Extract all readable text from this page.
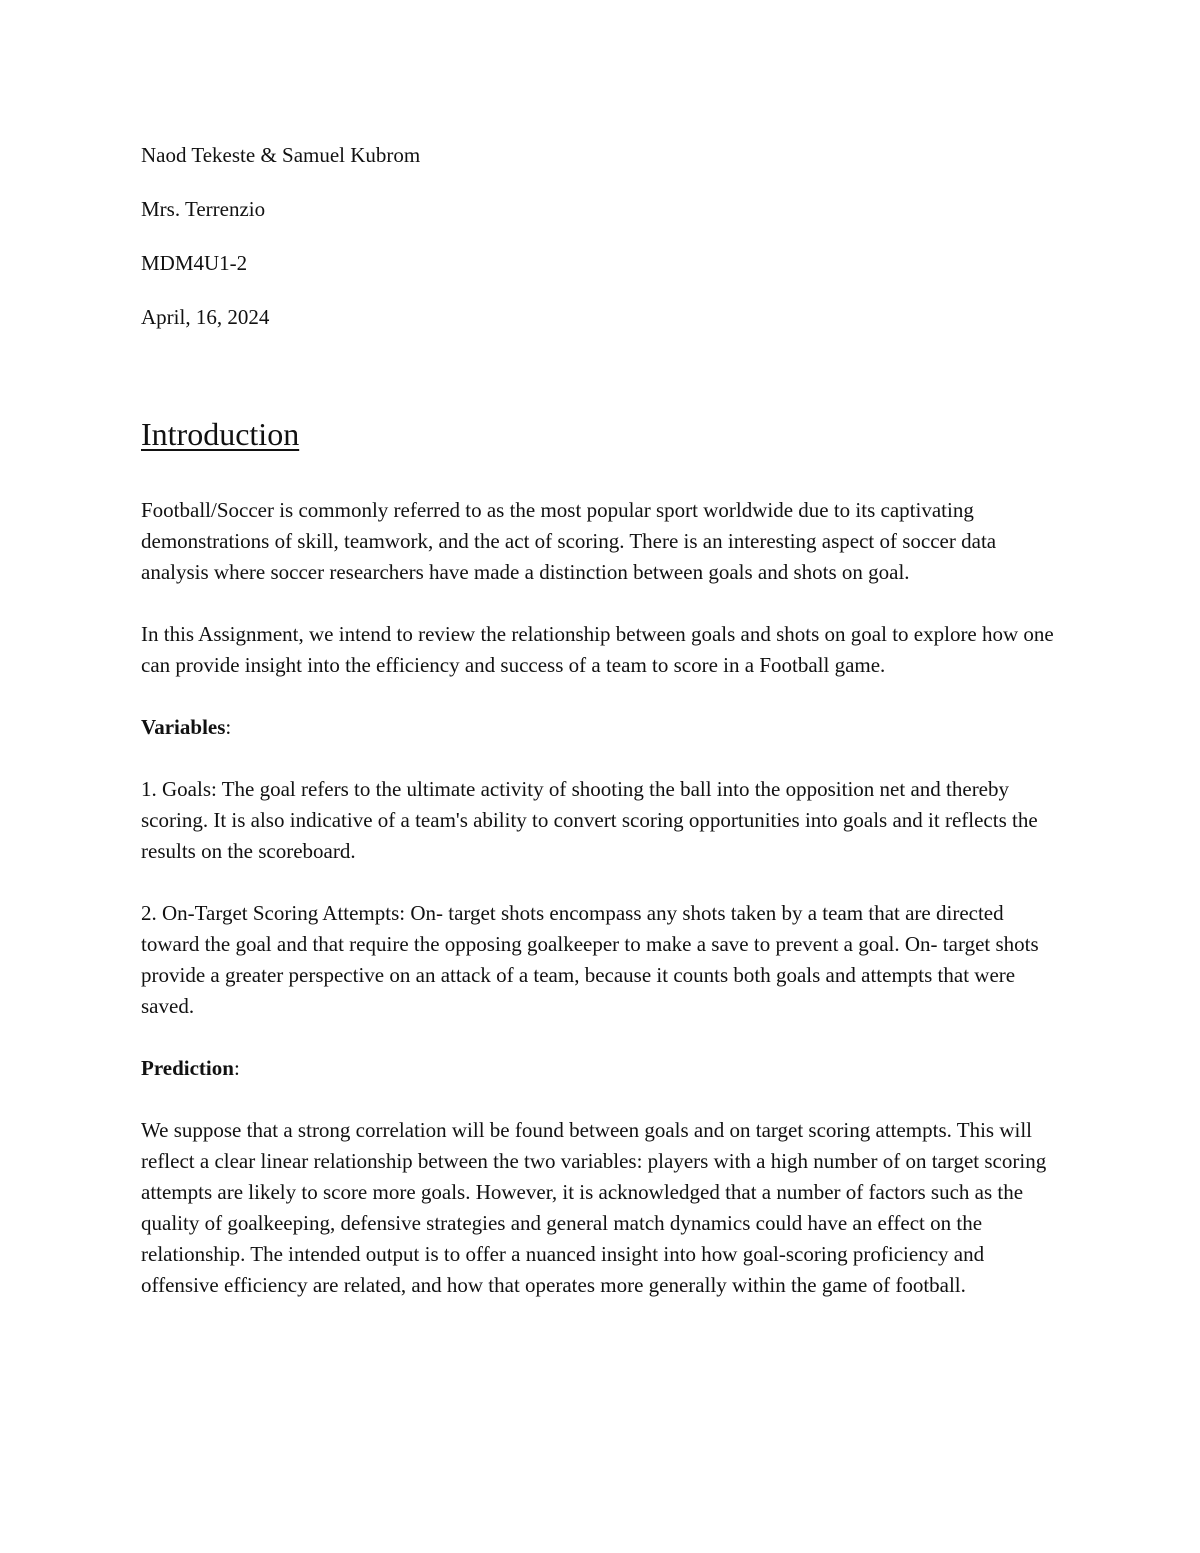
Naod Tekeste & Samuel Kubrom
Mrs. Terrenzio
MDM4U1-2
April, 16, 2024
Introduction

Football/Soccer is commonly referred to as the most popular sport worldwide due to its captivating demonstrations of skill, teamwork, and the act of scoring. There is an interesting aspect of soccer data analysis where soccer researchers have made a distinction between goals and shots on goal.

In this Assignment, we intend to review the relationship between goals and shots on goal to explore how one can provide insight into the efficiency and success of a team to score in a Football game.

Variables:

1. Goals: The goal refers to the ultimate activity of shooting the ball into the opposition net and thereby scoring. It is also indicative of a team's ability to convert scoring opportunities into goals and it reflects the results on the scoreboard.

2. On-Target Scoring Attempts: On- target shots encompass any shots taken by a team that are directed toward the goal and that require the opposing goalkeeper to make a save to prevent a goal. On- target shots provide a greater perspective on an attack of a team, because it counts both goals and attempts that were saved.

Prediction:

We suppose that a strong correlation will be found between goals and on target scoring attempts. This will reflect a clear linear relationship between the two variables: players with a high number of on target scoring attempts are likely to score more goals. However, it is acknowledged that a number of factors such as the quality of goalkeeping, defensive strategies and general match dynamics could have an effect on the relationship. The intended output is to offer a nuanced insight into how goal-scoring proficiency and offensive efficiency are related, and how that operates more generally within the game of football.
